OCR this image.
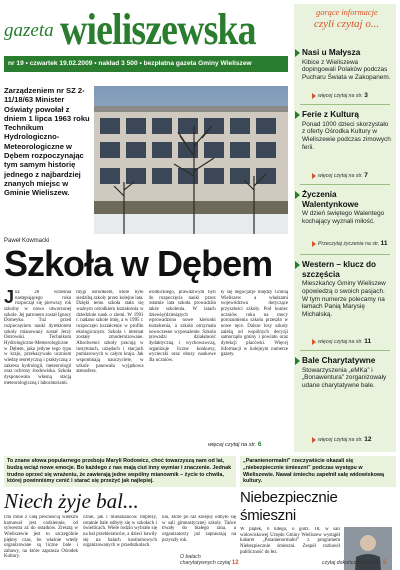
gazeta wieliszewska
nr 19 • czwartek 19.02.2009 • nakład 3 500 • bezpłatna gazeta Gminy Wieliszew
Zarządzeniem nr SZ 2-11/18/63 Minister Oświaty powołał z dniem 1 lipca 1963 roku Technikum Hydrologiczno-Meteorologiczne w Dębem rozpoczynając tym samym historię jednego z najbardziej znanych miejsc w Gminie Wieliszew.
Paweł Kowmacki
Szkoła w Dębem
Już 28 września następującego roku rozpoczął się pierwszy rok szkolny w nowo utworzonej szkole. Jej patronem został Ignacy Domeyko. Tuż przed rozpoczęciem nauki dyrektorem szkoły mianowany został Jerzy Ostrowski. Technikum Hydrologiczno-Meteorologiczne w Dębem, jako jedyne tego typu w kraju, przekazywało uczniom wiedzę teoretyczną i praktyczną z zakresu hydrologii, meteorologii oraz ochrony środowiska. Szkoła dysponowała własną stacją meteorologiczną i laboratoriami.
mygi ośrodkiem, które było siedzibą szkoły przez kolejne lata. Dzięki temu szkoła stała się ważnym ośrodkiem kształcenia w dziedzinie nauk o ziemi. W 1991 r. nadano szkole imię, a w 1995 r. rozpoczęto kształcenie w profilu ekologicznym. Szkoła i internat zostały zmodernizowane. Absolwenci szkoły pracują w instytutach, urzędach i stacjach pomiarowych w całym kraju. Jak wspominają nauczyciele, w szkole panowała wyjątkowa atmosfera.
wodnickiego, prawdziwym byli do rozpoczęcia nauki przez ostatnie lata szkoła prowadziła także szkolenia. W latach dziewięćdziesiątych wprowadzono nowe kierunki kształcenia, a szkoła otrzymała nowoczesne wyposażenie. Szkoła prowadzi działalność dydaktyczną i wychowawczą, organizuje liczne konkursy, wycieczki oraz obozy naukowe dla uczniów.
ły się negocjacje między Gminą Wieliszew a władzami województwa dotyczące przyszłości szkoły. Pod koniec uczniów roku na mocy porozumienia szkoła przeszła w nowe ręce. Dalsze losy szkoły zależą od wspólnych decyzji samorządu gminy i powiatu oraz dyrekcji placówki. Więcej informacji w kolejnym numerze gazety.
więcej czytaj na str. 6
gorące informacje
czyli czytaj o...
Nasi u Małysza
Kibice z Wieliszewa dopingowali Polaków podczas Pucharu Świata w Zakopanem.
więcej czytaj na str. 3
Ferie z Kulturą
Ponad 1000 dzieci skorzystało z oferty Ośrodka Kultury w Wieliszewie podczas zimowych ferii.
więcej czytaj na str. 7
Życzenia Walentynkowe
W dzień świętego Walentego kochający wyznali miłość.
Przeczytaj życzenia na str. 11
Western – klucz do szczęścia
Mieszkańcy Gminy Wieliszew opowiedzą o swoich pasjach. W tym numerze polecamy na łamach Panią Marysię Michalską.
więcej czytaj na str. 11
Bale Charytatywne
Stowarzyszenia „eMKa” i „Bonawentura” zorganizowały udane charytatywne bale.
więcej czytaj na str. 12
To znane słowa popularnego przeboju Maryli Rodowicz, choć towarzyszą nam od lat, budzą wciąż nowe emocje. Bo każdego z nas mają ciut inny wymiar i znaczenie. Jednak trudno oprzeć się wrażeniu, że zawierają jedne wspólny mianownik – życie to chwila, której powinniśmy cenić i starać się przeżyć jak najlepiej.
Niech żyje bal...
Dla mnie z całą pewnością wielkim karnawał jest codziennie, od sylwestra aż do ostatków. Zresztą w Wieliszewie jest to szczególnie piękny czas, bo właśnie wtedy organizowane są liczne bale i zabawy, na które zaprasza Ośrodek Kultury.
cznie, jak i mieszkańców imprezy, ostatnie bale odbyły się w szkołach i świetlicach. Wiele rodzin wybrało się na bal przebierańców, a dzieci bawiły się na balach kostiumowych organizowanych w przedszkolach.
niu, które po raz kolejny odbyło się w sali gimnastycznej szkoły. Tańce trwały do białego rana, a organizatorzy już zapraszają na przyszły rok.
O balach
charytatywnych czytaj 12
„Paranienormalni” rzeczywiście okazali się „niebezpiecznie śmieszni” podczas występu w Wieliszewie. Nawał śmiechu zapełnił salę widowiskową kultury.
Niebezpiecznie śmieszni
W piątek, 6 lutego, o godz. 18, w sali widowiskowej Urzędu Gminy Wieliszew wystąpił kabaret „Paranienormalni” z programem Niebezpiecznie śmieszni. Zespół rozbawił publiczność do łez.
czytaj dokończenie na str. 5
